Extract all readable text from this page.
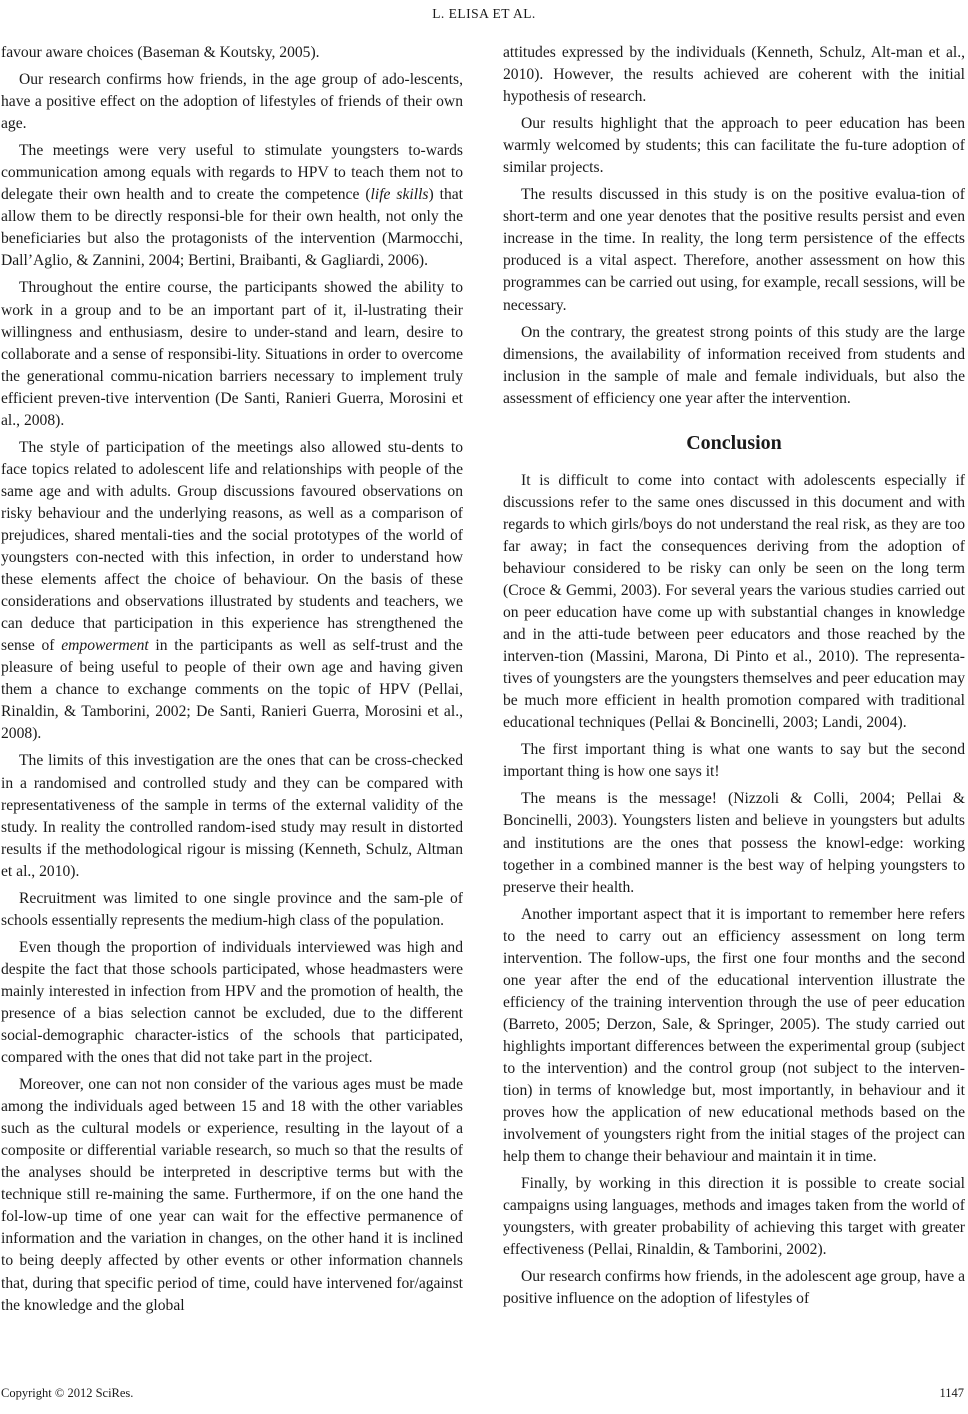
L. ELISA ET AL.

favour aware choices (Baseman & Koutsky, 2005).

Our research confirms how friends, in the age group of ado-lescents, have a positive effect on the adoption of lifestyles of friends of their own age.

The meetings were very useful to stimulate youngsters to-wards communication among equals with regards to HPV to teach them not to delegate their own health and to create the competence (life skills) that allow them to be directly responsi-ble for their own health, not only the beneficiaries but also the protagonists of the intervention (Marmocchi, Dall’Aglio, & Zannini, 2004; Bertini, Braibanti, & Gagliardi, 2006).

Throughout the entire course, the participants showed the ability to work in a group and to be an important part of it, il-lustrating their willingness and enthusiasm, desire to under-stand and learn, desire to collaborate and a sense of responsibi-lity. Situations in order to overcome the generational commu-nication barriers necessary to implement truly efficient preven-tive intervention (De Santi, Ranieri Guerra, Morosini et al., 2008).

The style of participation of the meetings also allowed stu-dents to face topics related to adolescent life and relationships with people of the same age and with adults. Group discussions favoured observations on risky behaviour and the underlying reasons, as well as a comparison of prejudices, shared mentali-ties and the social prototypes of the world of youngsters con-nected with this infection, in order to understand how these elements affect the choice of behaviour. On the basis of these considerations and observations illustrated by students and teachers, we can deduce that participation in this experience has strengthened the sense of empowerment in the participants as well as self-trust and the pleasure of being useful to people of their own age and having given them a chance to exchange comments on the topic of HPV (Pellai, Rinaldin, & Tamborini, 2002; De Santi, Ranieri Guerra, Morosini et al., 2008).

The limits of this investigation are the ones that can be cross-checked in a randomised and controlled study and they can be compared with representativeness of the sample in terms of the external validity of the study. In reality the controlled random-ised study may result in distorted results if the methodological rigour is missing (Kenneth, Schulz, Altman et al., 2010).

Recruitment was limited to one single province and the sam-ple of schools essentially represents the medium-high class of the population.

Even though the proportion of individuals interviewed was high and despite the fact that those schools participated, whose headmasters were mainly interested in infection from HPV and the promotion of health, the presence of a bias selection cannot be excluded, due to the different social-demographic character-istics of the schools that participated, compared with the ones that did not take part in the project.

Moreover, one can not non consider of the various ages must be made among the individuals aged between 15 and 18 with the other variables such as the cultural models or experience, resulting in the layout of a composite or differential variable research, so much so that the results of the analyses should be interpreted in descriptive terms but with the technique still re-maining the same. Furthermore, if on the one hand the fol-low-up time of one year can wait for the effective permanence of information and the variation in changes, on the other hand it is inclined to being deeply affected by other events or other information channels that, during that specific period of time, could have intervened for/against the knowledge and the global

attitudes expressed by the individuals (Kenneth, Schulz, Alt-man et al., 2010). However, the results achieved are coherent with the initial hypothesis of research.

Our results highlight that the approach to peer education has been warmly welcomed by students; this can facilitate the fu-ture adoption of similar projects.

The results discussed in this study is on the positive evalua-tion of short-term and one year denotes that the positive results persist and even increase in the time. In reality, the long term persistence of the effects produced is a vital aspect. Therefore, another assessment on how this programmes can be carried out using, for example, recall sessions, will be necessary.

On the contrary, the greatest strong points of this study are the large dimensions, the availability of information received from students and inclusion in the sample of male and female individuals, but also the assessment of efficiency one year after the intervention.

Conclusion

It is difficult to come into contact with adolescents especially if discussions refer to the same ones discussed in this document and with regards to which girls/boys do not understand the real risk, as they are too far away; in fact the consequences deriving from the adoption of behaviour considered to be risky can only be seen on the long term (Croce & Gemmi, 2003). For several years the various studies carried out on peer education have come up with substantial changes in knowledge and in the atti-tude between peer educators and those reached by the interven-tion (Massini, Marona, Di Pinto et al., 2010). The representa-tives of youngsters are the youngsters themselves and peer education may be much more efficient in health promotion compared with traditional educational techniques (Pellai & Boncinelli, 2003; Landi, 2004).

The first important thing is what one wants to say but the second important thing is how one says it!

The means is the message! (Nizzoli & Colli, 2004; Pellai & Boncinelli, 2003). Youngsters listen and believe in youngsters but adults and institutions are the ones that possess the knowl-edge: working together in a combined manner is the best way of helping youngsters to preserve their health.

Another important aspect that it is important to remember here refers to the need to carry out an efficiency assessment on long term intervention. The follow-ups, the first one four months and the second one year after the end of the educational intervention illustrate the efficiency of the training intervention through the use of peer education (Barreto, 2005; Derzon, Sale, & Springer, 2005). The study carried out highlights important differences between the experimental group (subject to the intervention) and the control group (not subject to the interven-tion) in terms of knowledge but, most importantly, in behaviour and it proves how the application of new educational methods based on the involvement of youngsters right from the initial stages of the project can help them to change their behaviour and maintain it in time.

Finally, by working in this direction it is possible to create social campaigns using languages, methods and images taken from the world of youngsters, with greater probability of achieving this target with greater effectiveness (Pellai, Rinaldin, & Tamborini, 2002).

Our research confirms how friends, in the adolescent age group, have a positive influence on the adoption of lifestyles of

Copyright © 2012 SciRes.	1147
